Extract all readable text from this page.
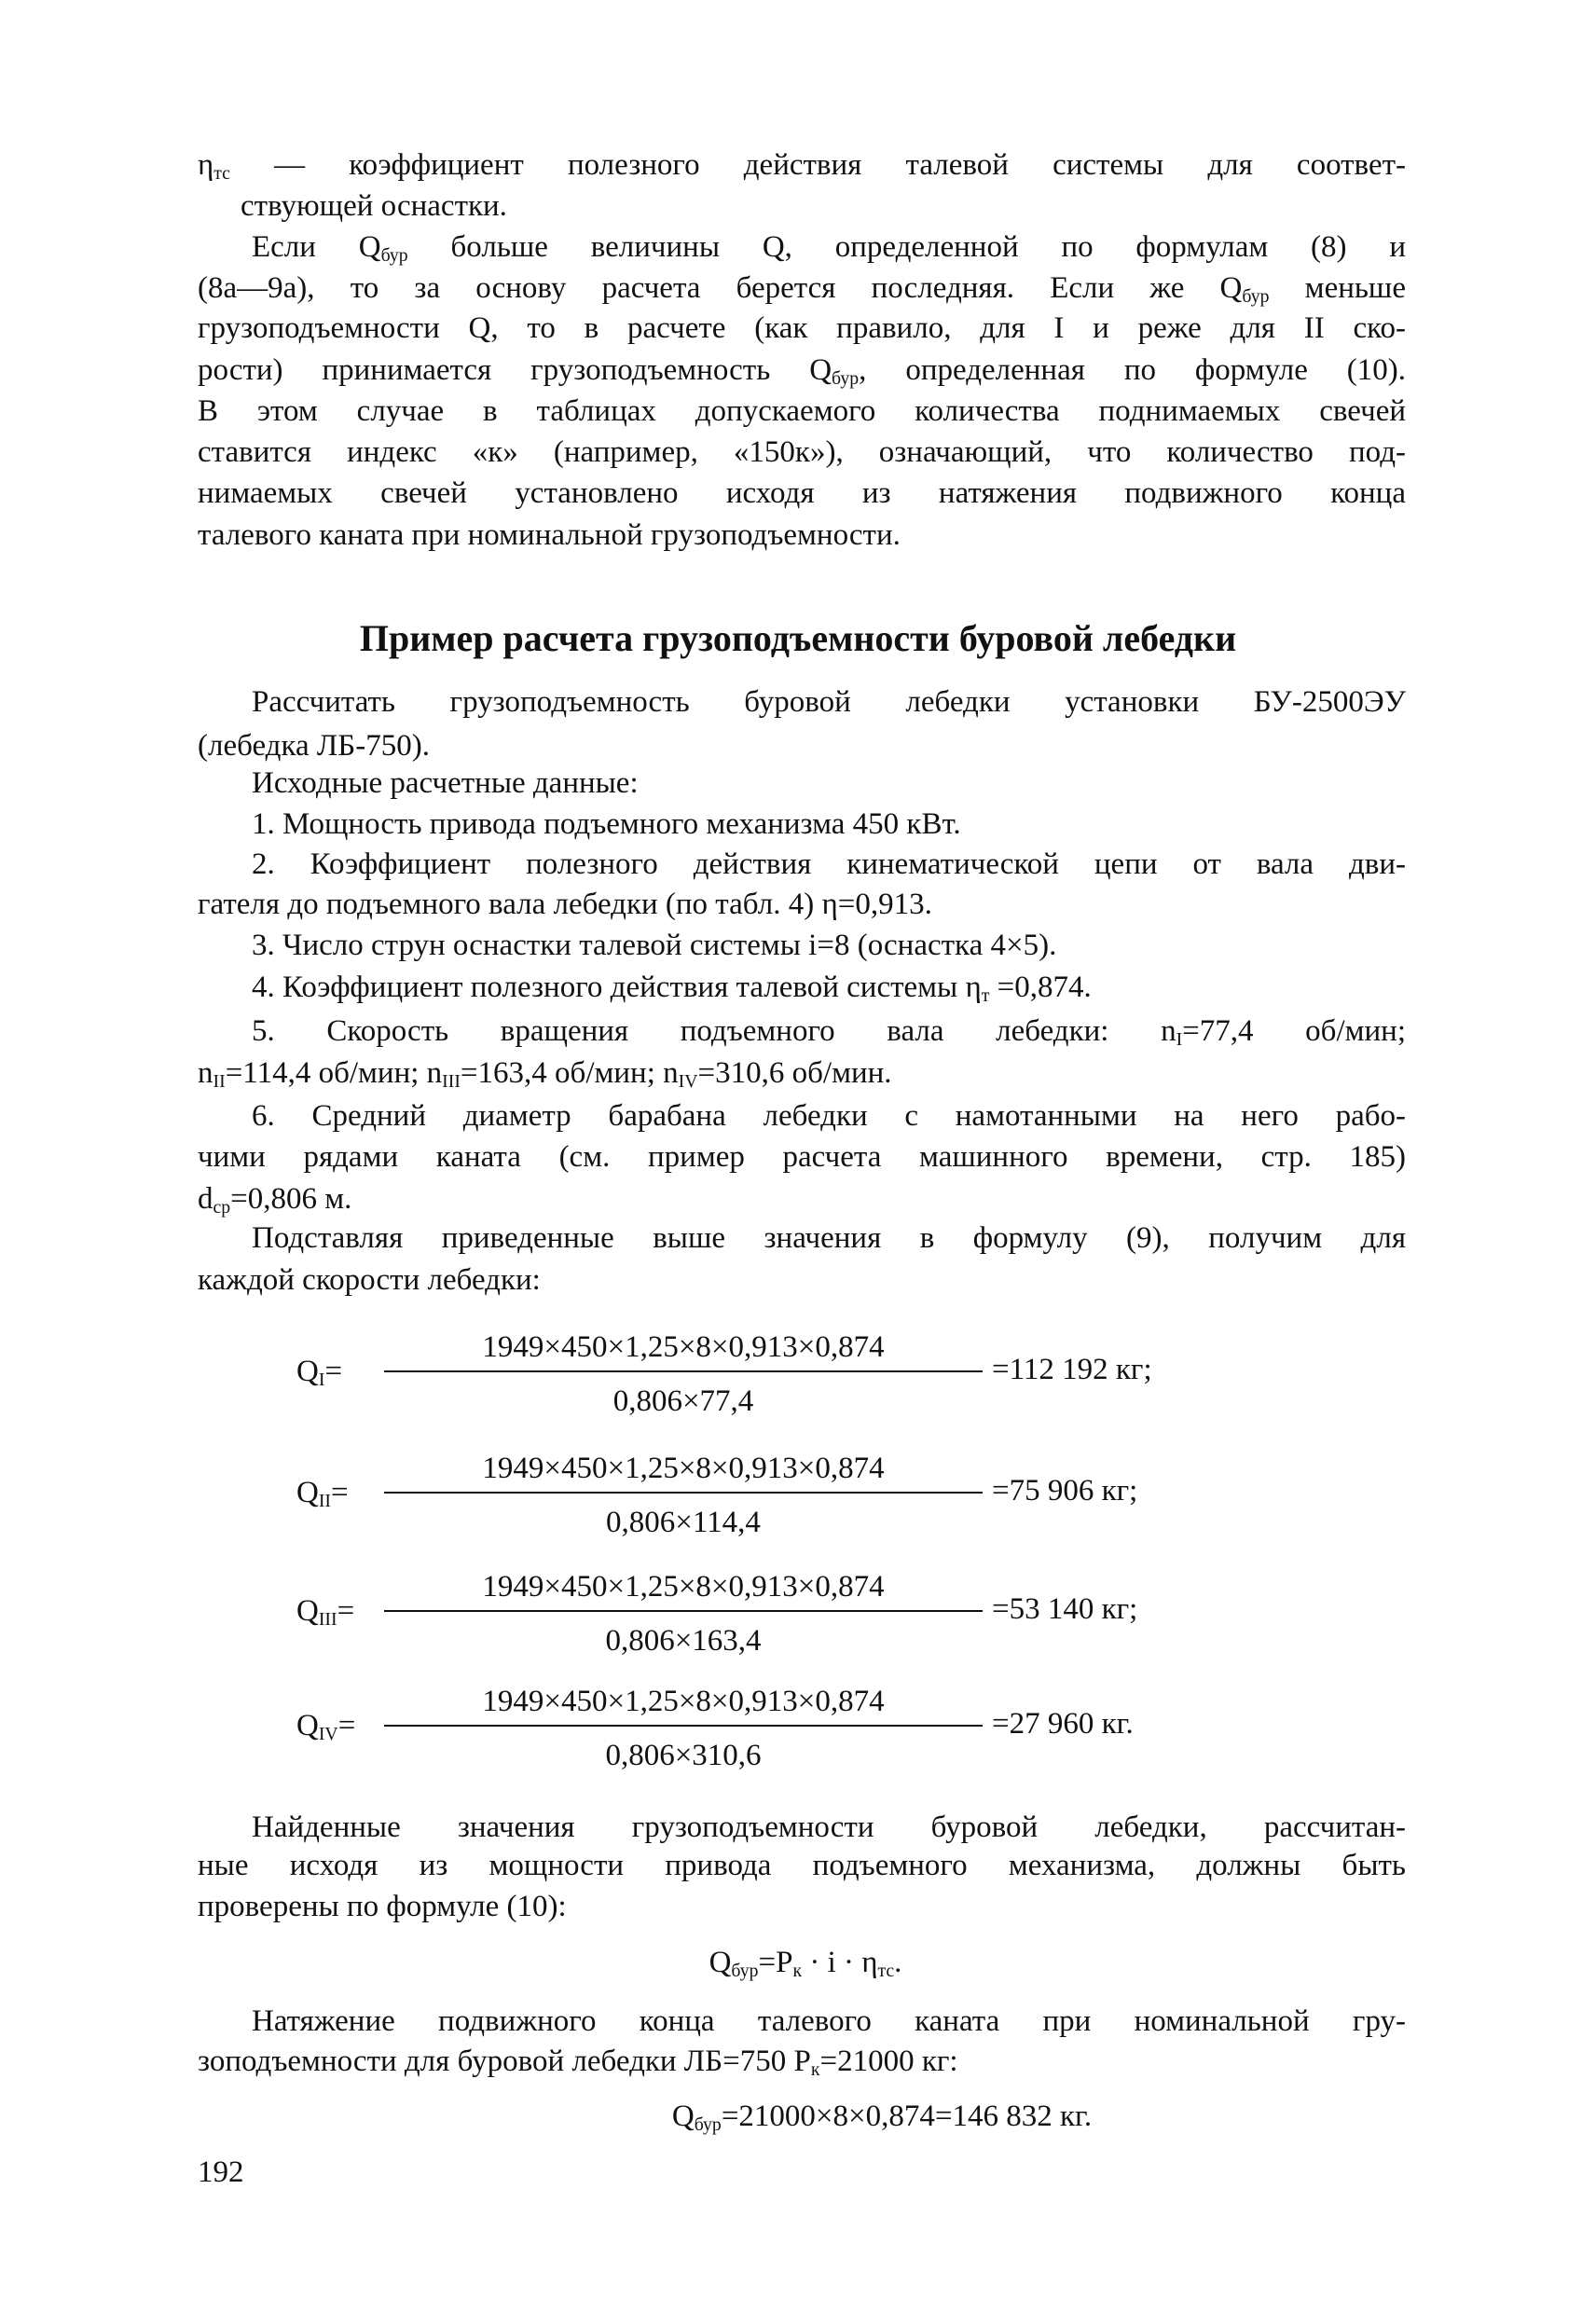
$\eta_{тс}$ — коэффициент полезного действия талевой системы для соответ-
ствующей оснастки.
Если $Q_{бур}$ больше величины Q, определенной по формулам (8) и
(8а—9а), то за основу расчета берется последняя. Если же $Q_{бур}$ меньше
грузоподъемности Q, то в расчете (как правило, для I и реже для II ско-
рости) принимается грузоподъемность $Q_{бур}$, определенная по формуле (10).
В этом случае в таблицах допускаемого количества поднимаемых свечей
ставится индекс «к» (например, «150к»), означающий, что количество под-
нимаемых свечей установлено исходя из натяжения подвижного конца
талевого каната при номинальной грузоподъемности.
Рассчитать грузоподъемность буровой лебедки установки БУ-2500ЭУ
(лебедка ЛБ-750).
Исходные расчетные данные:
1. Мощность привода подъемного механизма 450 кВт.
2. Коэффициент полезного действия кинематической цепи от вала дви-
гателя до подъемного вала лебедки (по табл. 4) η=0,913.
3. Число струн оснастки талевой системы i=8 (оснастка 4×5).
4. Коэффициент полезного действия талевой системы $\eta_т =0,874$.
5. Скорость вращения подъемного вала лебедки: $n_I=77,4$ об/мин;
$n_{II}=114,4$ об/мин; $n_{III}=163,4$ об/мин; $n_{IV}=310,6$ об/мин.
6. Средний диаметр барабана лебедки с намотанными на него рабо-
чими рядами каната (см. пример расчета машинного времени, стр. 185)
$d_{ср}=0,806$ м.
Подставляя приведенные выше значения в формулу (9), получим для
каждой скорости лебедки:
Найденные значения грузоподъемности буровой лебедки, рассчитан-
ные исходя из мощности привода подъемного механизма, должны быть
проверены по формуле (10):
Натяжение подвижного конца талевого каната при номинальной гру-
зоподъемности для буровой лебедки ЛБ=750 $P_к=21000$ кг:
Пример расчета грузоподъемности буровой лебедки
$Q_I=$
1949×450×1,25×8×0,913×0,874
0,806×77,4
=112 192 кг;
$Q_{II}=$
1949×450×1,25×8×0,913×0,874
0,806×114,4
=75 906 кг;
$Q_{III}=$
1949×450×1,25×8×0,913×0,874
0,806×163,4
=53 140 кг;
$Q_{IV}=$
1949×450×1,25×8×0,913×0,874
0,806×310,6
=27 960 кг.
$Q_{бур}=P_к \cdot i \cdot \eta_{тс}$.
$Q_{бур}=21000\times 8\times 0,874=146$ 832 кг.
192
